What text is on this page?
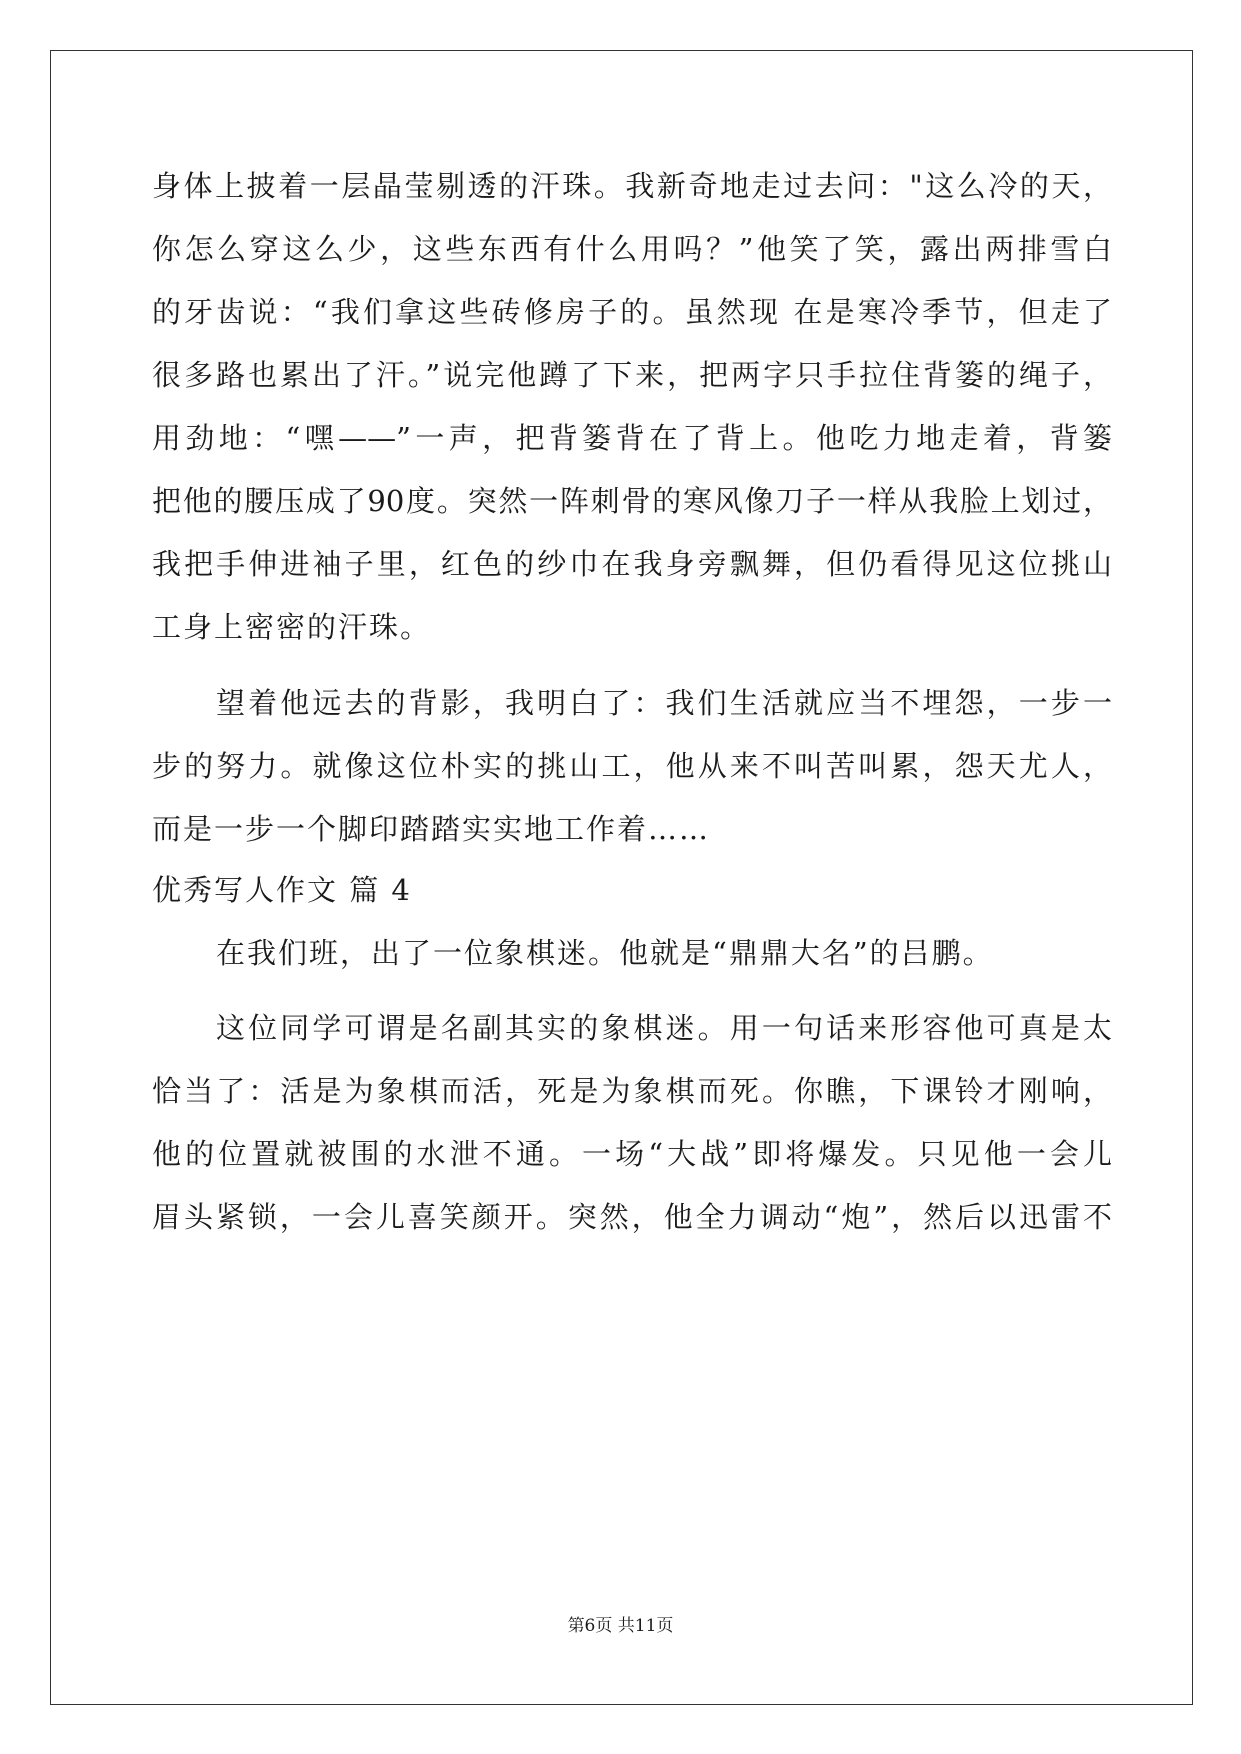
身体上披着一层晶莹剔透的汗珠。我新奇地走过去问："这么冷的天，
你怎么穿这么少，这些东西有什么用吗？”他笑了笑，露出两排雪白
的牙齿说：“我们拿这些砖修房子的。虽然现 在是寒冷季节，但走了
很多路也累出了汗。”说完他蹲了下来，把两字只手拉住背篓的绳子，
用劲地：“嘿——”一声，把背篓背在了背上。他吃力地走着，背篓
把他的腰压成了90度。突然一阵刺骨的寒风像刀子一样从我脸上划过，
我把手伸进袖子里，红色的纱巾在我身旁飘舞，但仍看得见这位挑山
工身上密密的汗珠。
望着他远去的背影，我明白了：我们生活就应当不埋怨，一步一
步的努力。就像这位朴实的挑山工，他从来不叫苦叫累，怨天尤人，
而是一步一个脚印踏踏实实地工作着……
优秀写人作文 篇 4
在我们班，出了一位象棋迷。他就是“鼎鼎大名”的吕鹏。
这位同学可谓是名副其实的象棋迷。用一句话来形容他可真是太
恰当了：活是为象棋而活，死是为象棋而死。你瞧，下课铃才刚响，
他的位置就被围的水泄不通。一场“大战”即将爆发。只见他一会儿
眉头紧锁，一会儿喜笑颜开。突然，他全力调动“炮”，然后以迅雷不
第6页 共11页
